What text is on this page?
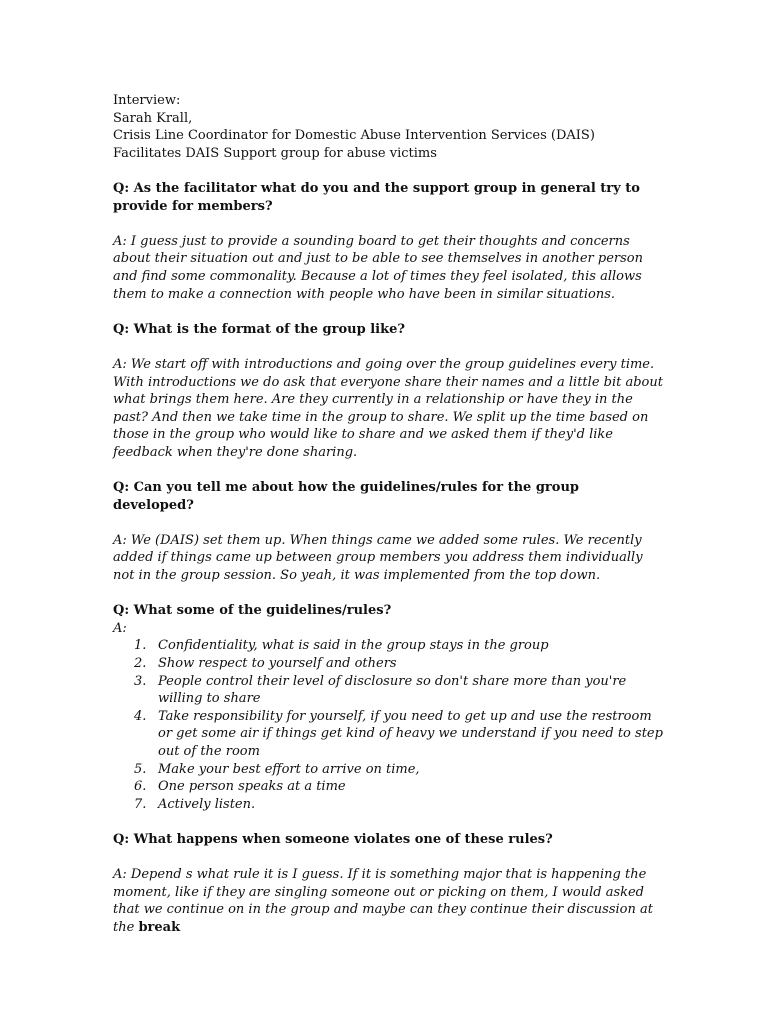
Interview:

Sarah Krall,

Crisis Line Coordinator for Domestic Abuse Intervention Services (DAIS)

Facilitates DAIS Support group for abuse victims

Q: As the facilitator what do you and the support group in general try to provide for members?

A: I guess just to provide a sounding board to get their thoughts and concerns about their situation out and just to be able to see themselves in another person and find some commonality. Because a lot of times they feel isolated, this allows them to make a connection with people who have been in similar situations.

Q: What is the format of the group like?

A: We start off with introductions and going over the group guidelines every time. With introductions we do ask that everyone share their names and a little bit about what brings them here. Are they currently in a relationship or have they in the past? And then we take time in the group to share. We split up the time based on those in the group who would like to share and we asked them if they'd like feedback when they're done sharing.

Q: Can you tell me about how the guidelines/rules for the group developed?

A: We (DAIS) set them up. When things came we added some rules. We recently added if things came up between group members you address them individually not in the group session. So yeah, it was implemented from the top down.

Q: What some of the guidelines/rules?

A:

1. Confidentiality, what is said in the group stays in the group
2. Show respect to yourself and others
3. People control their level of disclosure so don't share more than you're willing to share
4. Take responsibility for yourself, if you need to get up and use the restroom or get some air if things get kind of heavy we understand if you need to step out of the room
5. Make your best effort to arrive on time,
6. One person speaks at a time
7. Actively listen.

Q: What happens when someone violates one of these rules?

A: Depend s what rule it is I guess. If it is something major that is happening the moment, like if they are singling someone out or picking on them, I would asked that we continue on in the group and maybe can they continue their discussion at the break
